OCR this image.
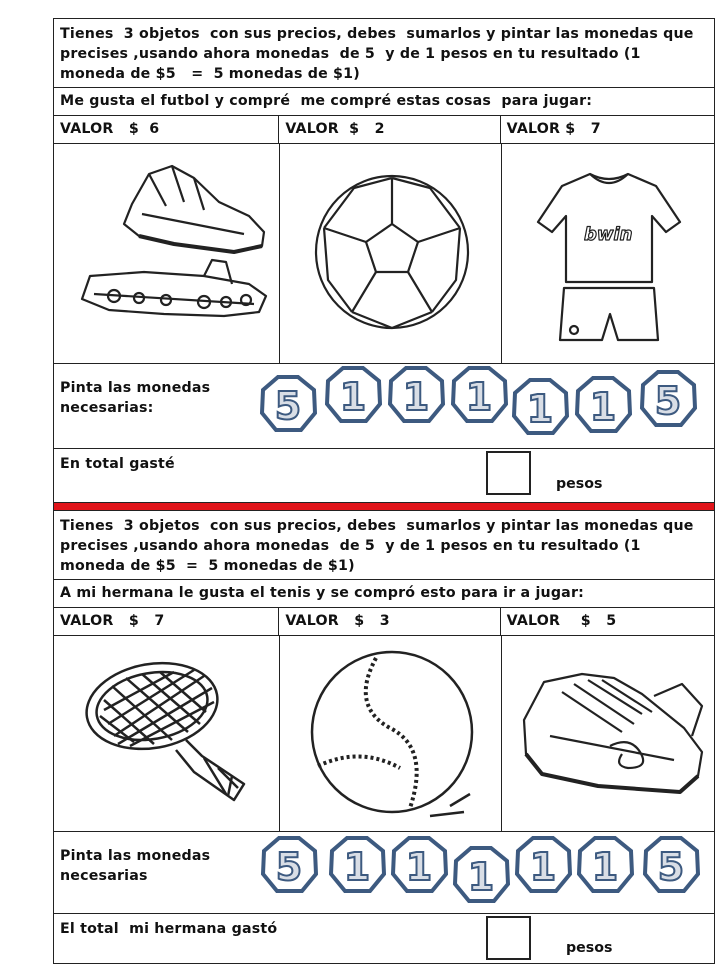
Tienes  3 objetos  con sus precios, debes  sumarlos y pintar las monedas que precises ,usando ahora monedas  de 5  y de 1 pesos en tu resultado (1 moneda de $5   =  5 monedas de $1)
Me gusta el futbol y compré  me compré estas cosas  para jugar:
VALOR   $  6	VALOR  $   2	VALOR $   7
bwin
Pinta las monedas
necesarias:	5 1 1 1 1 1 5
En total gasté
pesos
Tienes  3 objetos  con sus precios, debes  sumarlos y pintar las monedas que precises ,usando ahora monedas  de 5  y de 1 pesos en tu resultado (1 moneda de $5  =  5 monedas de $1)
A mi hermana le gusta el tenis y se compró esto para ir a jugar:
VALOR   $   7	VALOR   $   3	VALOR    $   5
Pinta las monedas
necesarias	5 1 1 1 1 1 5
El total  mi hermana gastó
pesos
